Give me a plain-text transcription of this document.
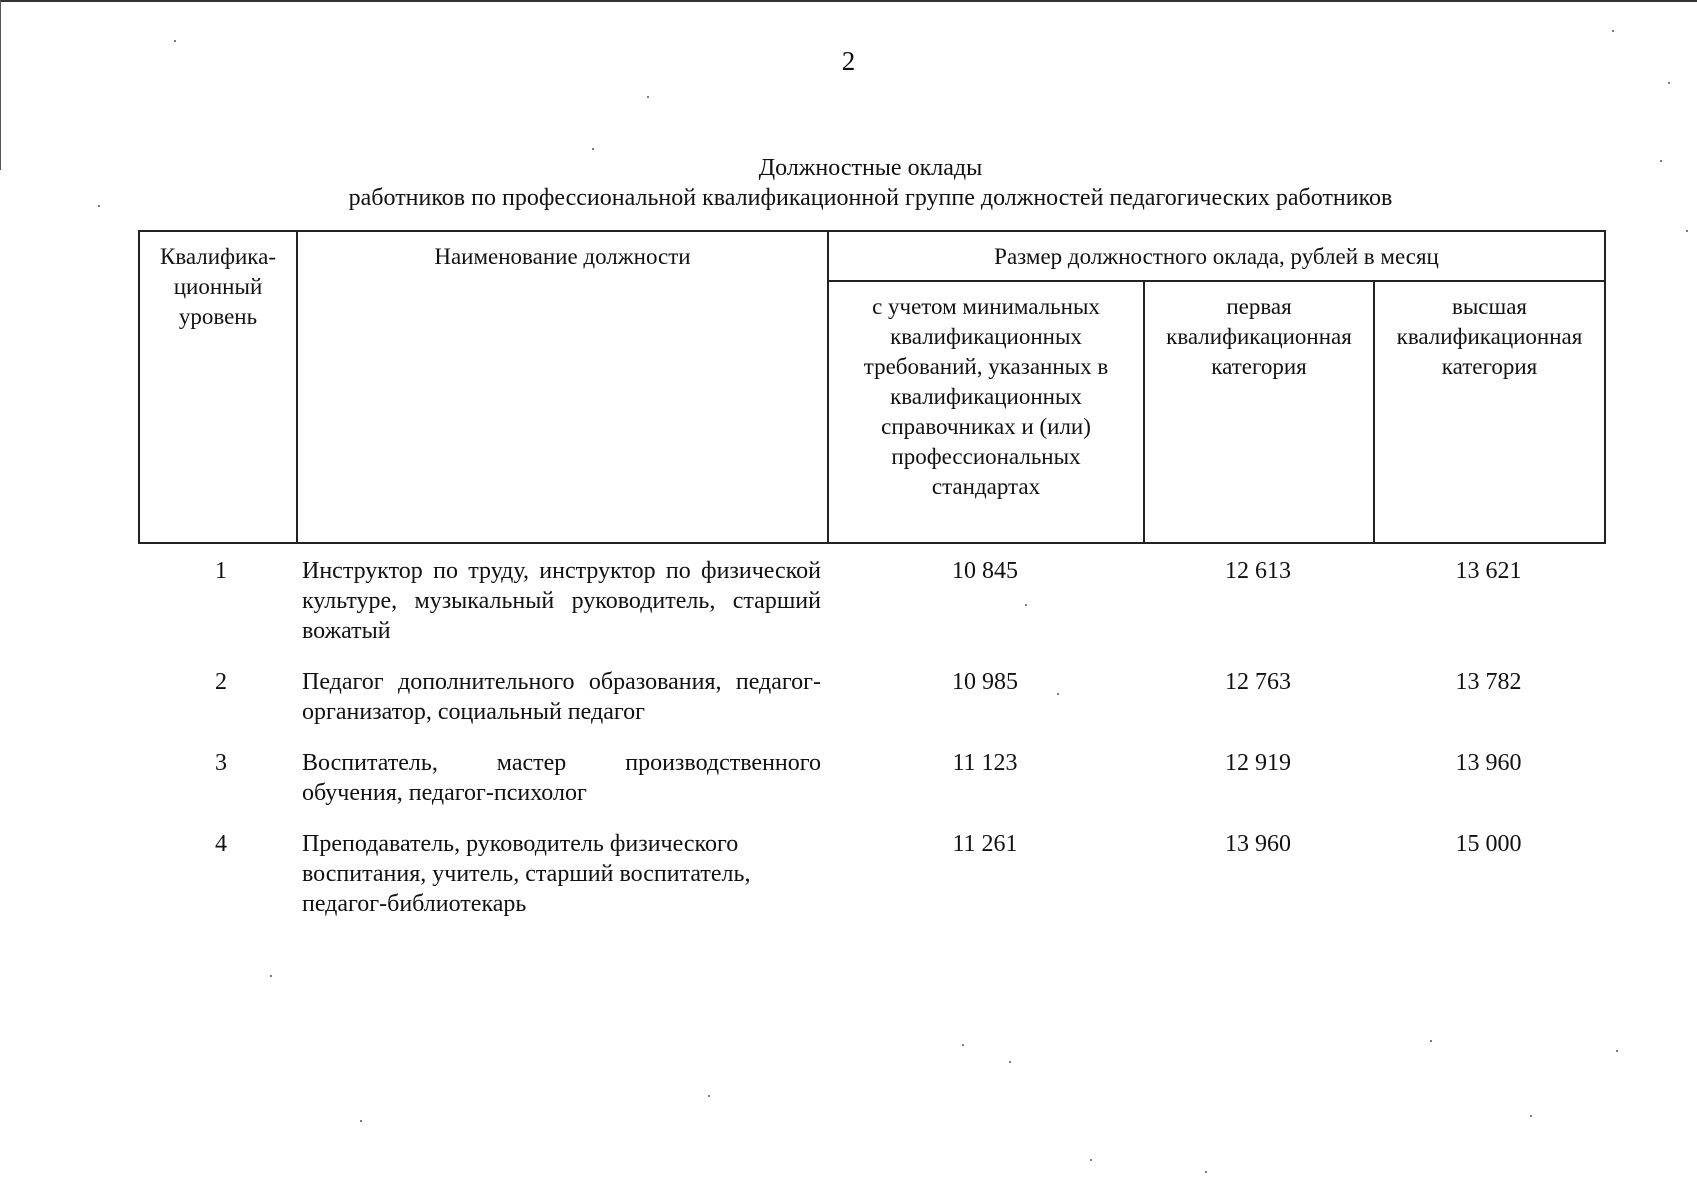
2
Должностные оклады
работников по профессиональной квалификационной группе должностей педагогических работников
Квалифика-ционный уровень	Наименование должности	Размер должностного оклада, рублей в месяц		
		с учетом минимальных квалификационных требований, указанных в квалификационных справочниках и (или) профессиональных стандартах	первая квалификационная категория	высшая квалификационная категория
1	Инструктор по труду, инструктор по физической культуре, музыкальный руководитель, старший вожатый	10 845	12 613	13 621
2	Педагог дополнительного образования, педагог-организатор, социальный педагог	10 985	12 763	13 782
3	Воспитатель, мастер производственного обучения, педагог-психолог	11 123	12 919	13 960
4	Преподаватель, руководитель физического воспитания, учитель, старший воспитатель, педагог-библиотекарь	11 261	13 960	15 000
